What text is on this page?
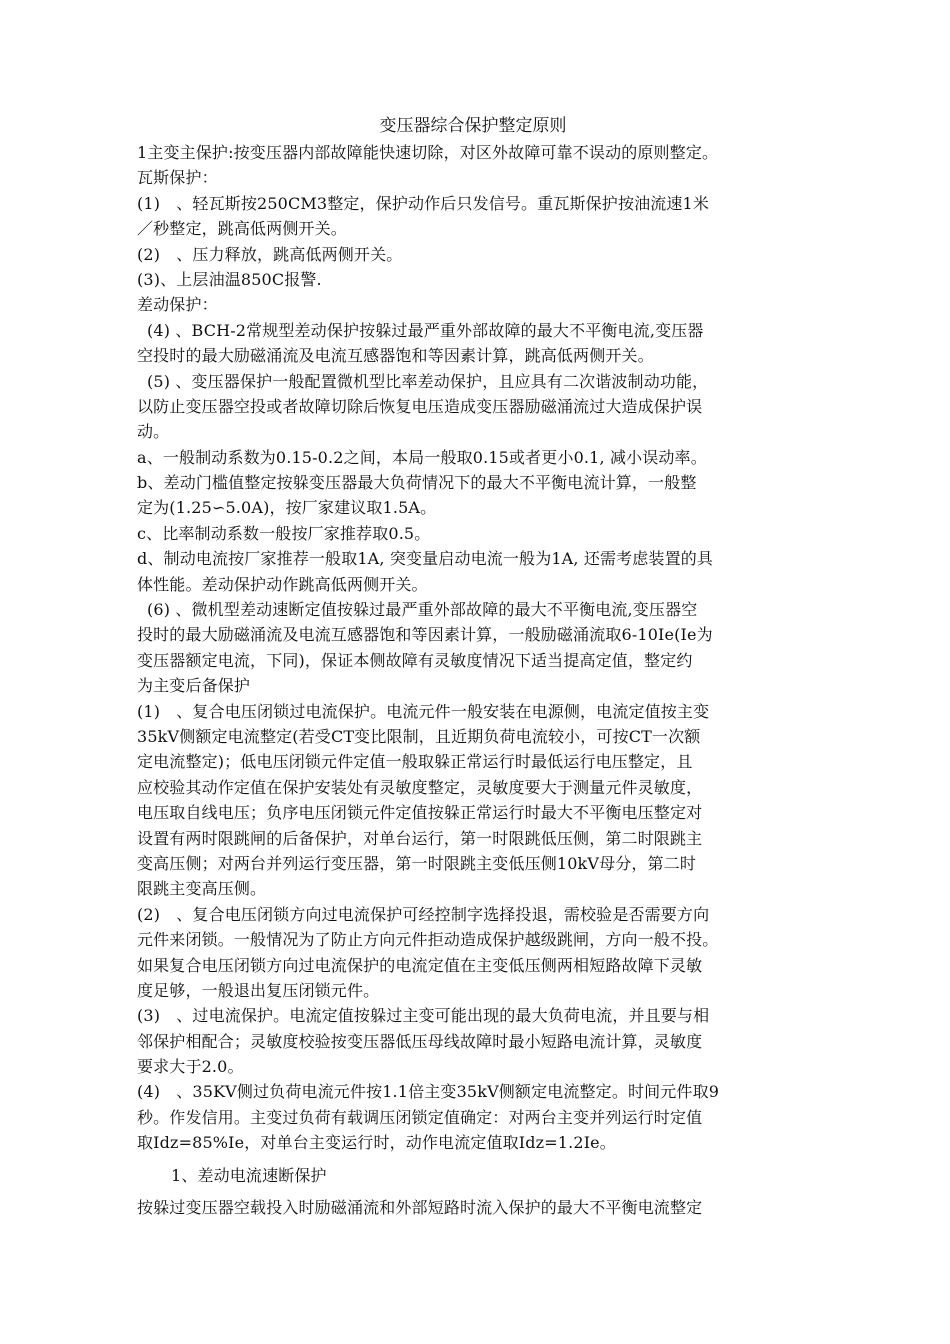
变压器综合保护整定原则
1主变主保护:按变压器内部故障能快速切除，对区外故障可靠不误动的原则整定。
瓦斯保护：
(1)　、轻瓦斯按250CM3整定，保护动作后只发信号。重瓦斯保护按油流速1米
／秒整定，跳高低两侧开关。
(2)　、压力释放，跳高低两侧开关。
(3)、上层油温850C报警.
差动保护：
(4) 、BCH-2常规型差动保护按躲过最严重外部故障的最大不平衡电流,变压器
空投时的最大励磁涌流及电流互感器饱和等因素计算，跳高低两侧开关。
(5) 、变压器保护一般配置微机型比率差动保护，且应具有二次谐波制动功能，
以防止变压器空投或者故障切除后恢复电压造成变压器励磁涌流过大造成保护误
动。
a、一般制动系数为0.15-0.2之间，本局一般取0.15或者更小0.1, 减小误动率。
b、差动门槛值整定按躲变压器最大负荷情况下的最大不平衡电流计算，一般整
定为(1.25∽5.0A)，按厂家建议取1.5A。
c、比率制动系数一般按厂家推荐取0.5。
d、制动电流按厂家推荐一般取1A, 突变量启动电流一般为1A, 还需考虑装置的具
体性能。差动保护动作跳高低两侧开关。
(6) 、微机型差动速断定值按躲过最严重外部故障的最大不平衡电流,变压器空
投时的最大励磁涌流及电流互感器饱和等因素计算，一般励磁涌流取6-10Ie(Ie为
变压器额定电流，下同)，保证本侧故障有灵敏度情况下适当提高定值，整定约
为主变后备保护
(1)　、复合电压闭锁过电流保护。电流元件一般安装在电源侧，电流定值按主变
35kV侧额定电流整定(若受CT变比限制，且近期负荷电流较小，可按CT一次额
定电流整定)；低电压闭锁元件定值一般取躲正常运行时最低运行电压整定，且
应校验其动作定值在保护安装处有灵敏度整定，灵敏度要大于测量元件灵敏度，
电压取自线电压；负序电压闭锁元件定值按躲正常运行时最大不平衡电压整定对
设置有两时限跳闸的后备保护，对单台运行，第一时限跳低压侧，第二时限跳主
变高压侧；对两台并列运行变压器，第一时限跳主变低压侧10kV母分，第二时
限跳主变高压侧。
(2)　、复合电压闭锁方向过电流保护可经控制字选择投退，需校验是否需要方向
元件来闭锁。一般情况为了防止方向元件拒动造成保护越级跳闸，方向一般不投。
如果复合电压闭锁方向过电流保护的电流定值在主变低压侧两相短路故障下灵敏
度足够，一般退出复压闭锁元件。
(3)　、过电流保护。电流定值按躲过主变可能出现的最大负荷电流，并且要与相
邻保护相配合；灵敏度校验按变压器低压母线故障时最小短路电流计算，灵敏度
要求大于2.0。
(4)　、35KV侧过负荷电流元件按1.1倍主变35kV侧额定电流整定。时间元件取9
秒。作发信用。主变过负荷有载调压闭锁定值确定：对两台主变并列运行时定值
取Idz=85%Ie，对单台主变运行时，动作电流定值取Idz=1.2Ie。
1、差动电流速断保护
按躲过变压器空载投入时励磁涌流和外部短路时流入保护的最大不平衡电流整定
